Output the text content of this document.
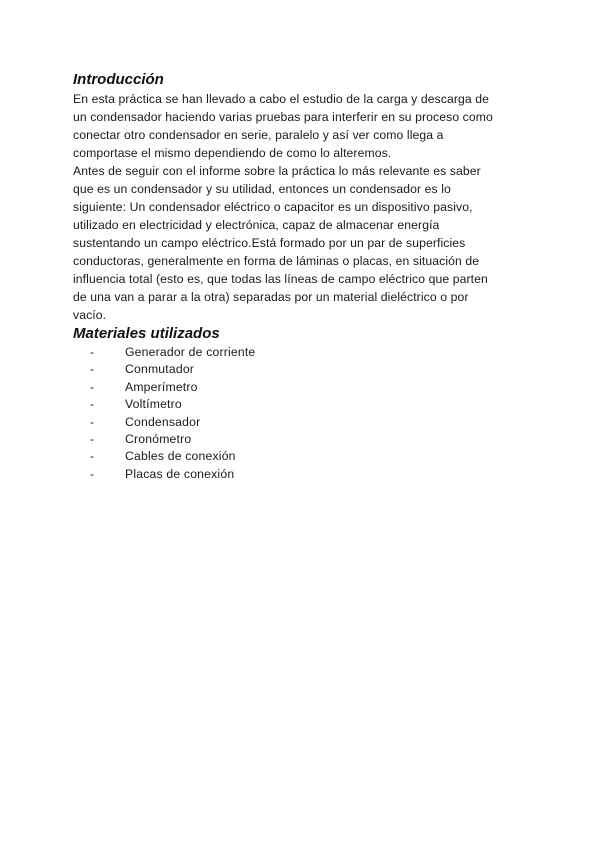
Introducción

En esta práctica se han llevado a cabo el estudio de la carga y descarga de
un condensador haciendo varias pruebas para interferir en su proceso como
conectar otro condensador en serie, paralelo y así ver como llega a
comportase el mismo dependiendo de como lo alteremos.

Antes de seguir con el informe sobre la práctica lo más relevante es saber
que es un condensador y su utilidad, entonces un condensador es lo
siguiente: Un condensador eléctrico o capacitor es un dispositivo pasivo,
utilizado en electricidad y electrónica, capaz de almacenar energía
sustentando un campo eléctrico.Está formado por un par de superficies
conductoras, generalmente en forma de láminas o placas, en situación de
influencia total (esto es, que todas las líneas de campo eléctrico que parten
de una van a parar a la otra) separadas por un material dieléctrico o por
vacío.

Materiales utilizados
-	Generador de corriente
-	Conmutador
-	Amperímetro
-	Voltímetro
-	Condensador
-	Cronómetro
-	Cables de conexión
-	Placas de conexión
